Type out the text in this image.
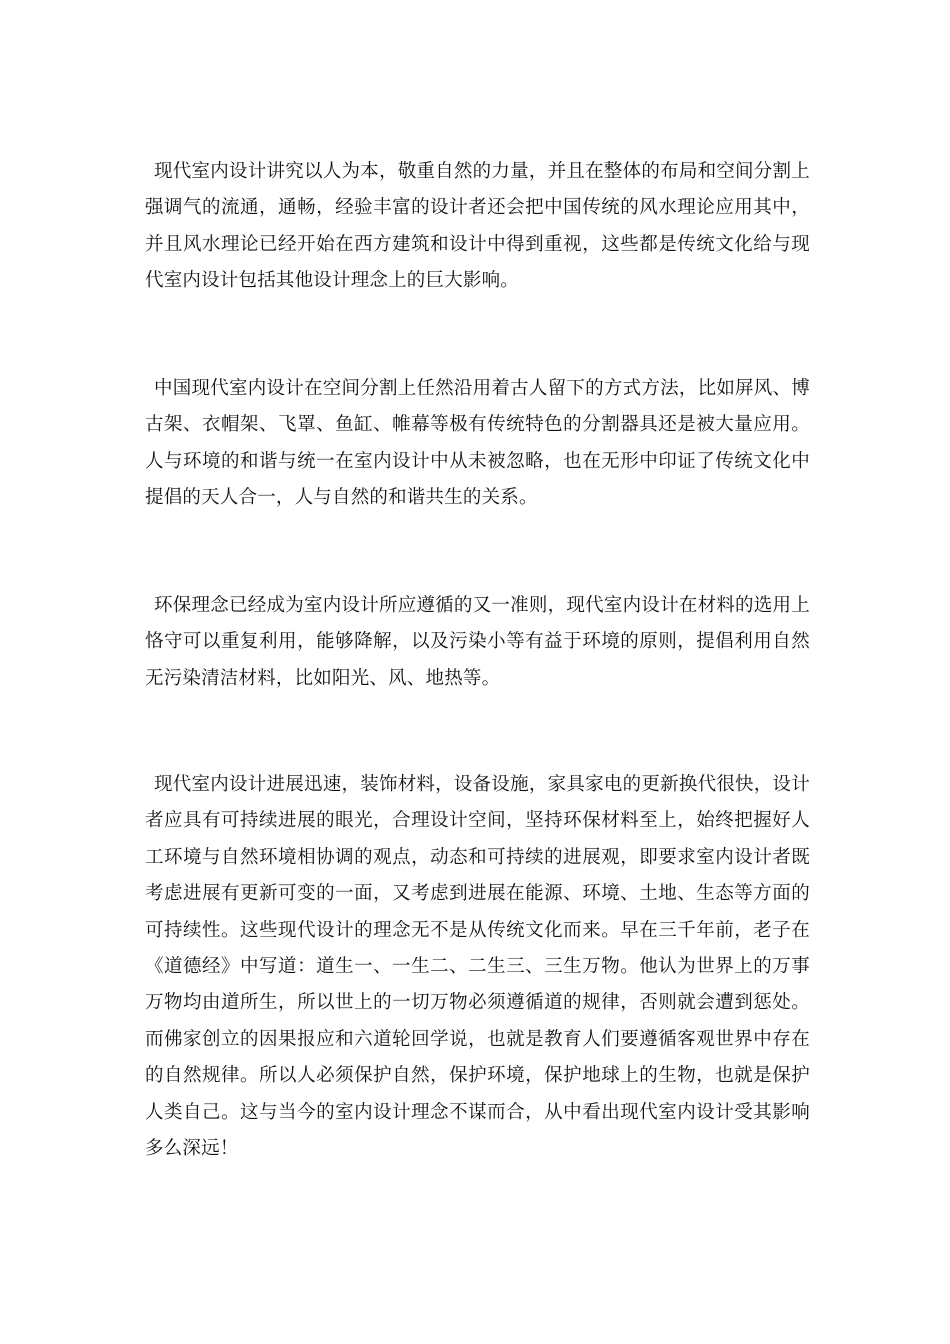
现代室内设计讲究以人为本，敬重自然的力量，并且在整体的布局和空间分割上强调气的流通，通畅，经验丰富的设计者还会把中国传统的风水理论应用其中，并且风水理论已经开始在西方建筑和设计中得到重视，这些都是传统文化给与现代室内设计包括其他设计理念上的巨大影响。

中国现代室内设计在空间分割上任然沿用着古人留下的方式方法，比如屏风、博古架、衣帽架、飞罩、鱼缸、帷幕等极有传统特色的分割器具还是被大量应用。人与环境的和谐与统一在室内设计中从未被忽略，也在无形中印证了传统文化中提倡的天人合一，人与自然的和谐共生的关系。

环保理念已经成为室内设计所应遵循的又一准则，现代室内设计在材料的选用上恪守可以重复利用，能够降解，以及污染小等有益于环境的原则，提倡利用自然无污染清洁材料，比如阳光、风、地热等。

现代室内设计进展迅速，装饰材料，设备设施，家具家电的更新换代很快，设计者应具有可持续进展的眼光，合理设计空间，坚持环保材料至上，始终把握好人工环境与自然环境相协调的观点，动态和可持续的进展观，即要求室内设计者既考虑进展有更新可变的一面，又考虑到进展在能源、环境、土地、生态等方面的可持续性。这些现代设计的理念无不是从传统文化而来。早在三千年前，老子在《道德经》中写道：道生一、一生二、二生三、三生万物。他认为世界上的万事万物均由道所生，所以世上的一切万物必须遵循道的规律，否则就会遭到惩处。而佛家创立的因果报应和六道轮回学说，也就是教育人们要遵循客观世界中存在的自然规律。所以人必须保护自然，保护环境，保护地球上的生物，也就是保护人类自己。这与当今的室内设计理念不谋而合，从中看出现代室内设计受其影响多么深远！
